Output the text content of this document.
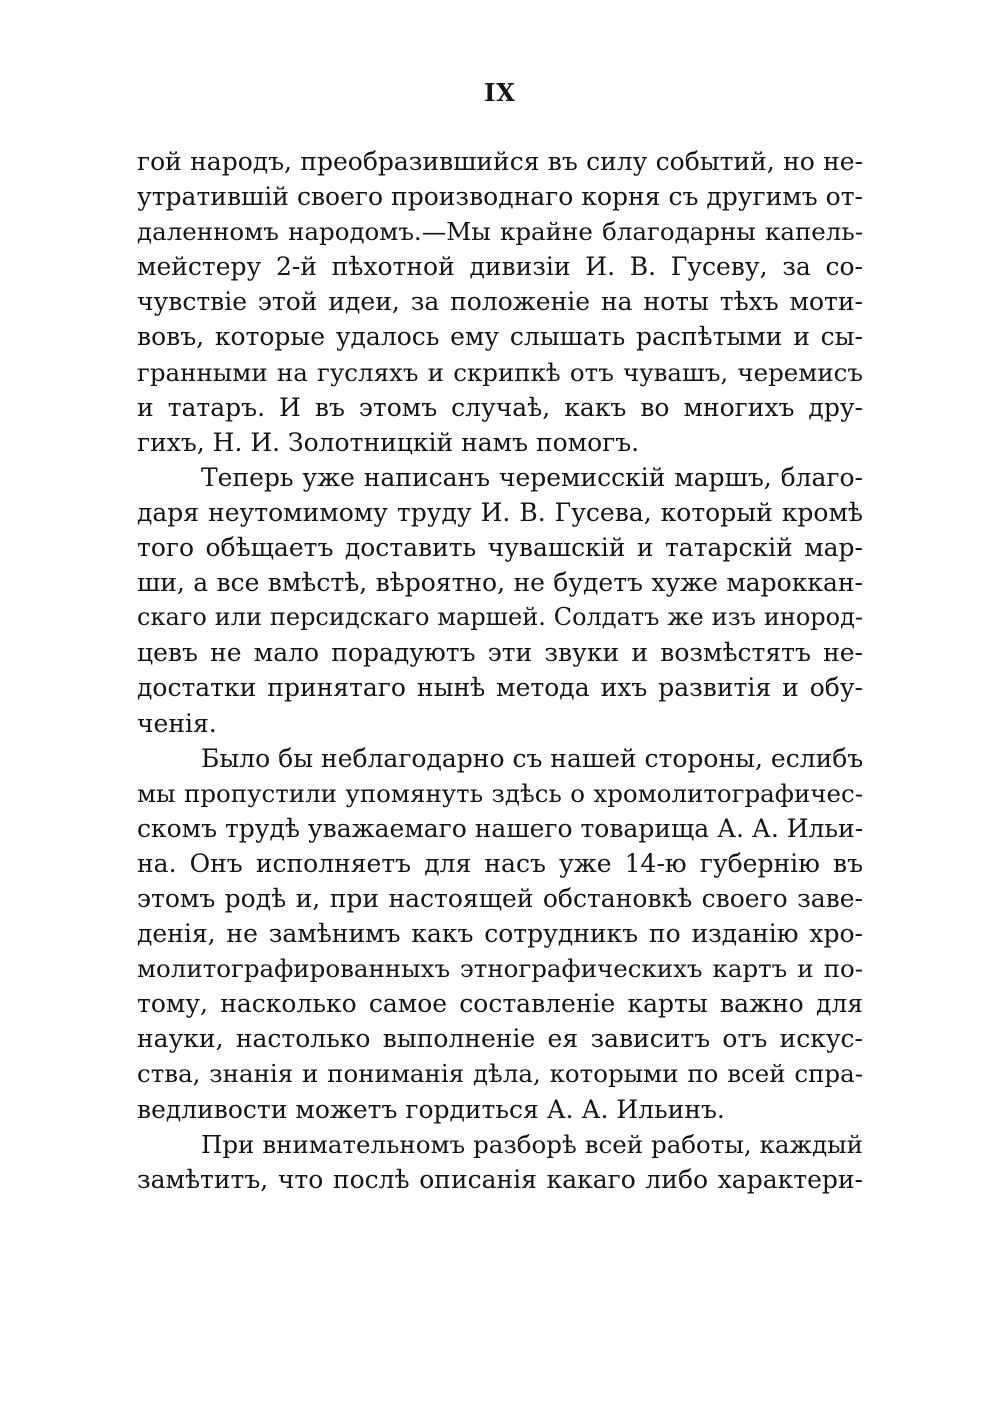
IX
гой народъ, преобразившийся въ силу событий, но не-
утратившій своего производнаго корня съ другимъ от-
даленномъ народомъ.—Мы крайне благодарны капель-
мейстеру 2-й пѣхотной дивизіи И. В. Гусеву, за со-
чувствіе этой идеи, за положеніе на ноты тѣхъ моти-
вовъ, которые удалось ему слышать распѣтыми и сы-
гранными на гусляхъ и скрипкѣ отъ чувашъ, черемисъ
и татаръ. И въ этомъ случаѣ, какъ во многихъ дру-
гихъ, Н. И. Золотницкій намъ помогъ.
Теперь уже написанъ черемисскій маршъ, благо-
даря неутомимому труду И. В. Гусева, который кромѣ
того обѣщаетъ доставить чувашскій и татарскій мар-
ши, а все вмѣстѣ, вѣроятно, не будетъ хуже мароккан-
скаго или персидскаго маршей. Солдатъ же изъ инород-
цевъ не мало порадуютъ эти звуки и возмѣстятъ не-
достатки принятаго нынѣ метода ихъ развитія и обу-
ченія.
Было бы неблагодарно съ нашей стороны, еслибъ
мы пропустили упомянуть здѣсь о хромолитографичес-
скомъ трудѣ уважаемаго нашего товарища А. А. Ильи-
на. Онъ исполняетъ для насъ уже 14-ю губернію въ
этомъ родѣ и, при настоящей обстановкѣ своего заве-
денія, не замѣнимъ какъ сотрудникъ по изданію хро-
молитографированныхъ этнографическихъ картъ и по-
тому, насколько самое составленіе карты важно для
науки, настолько выполненіе ея зависитъ отъ искус-
ства, знанія и пониманія дѣла, которыми по всей спра-
ведливости можетъ гордиться А. А. Ильинъ.
При внимательномъ разборѣ всей работы, каждый
замѣтитъ, что послѣ описанія какаго либо характери-
